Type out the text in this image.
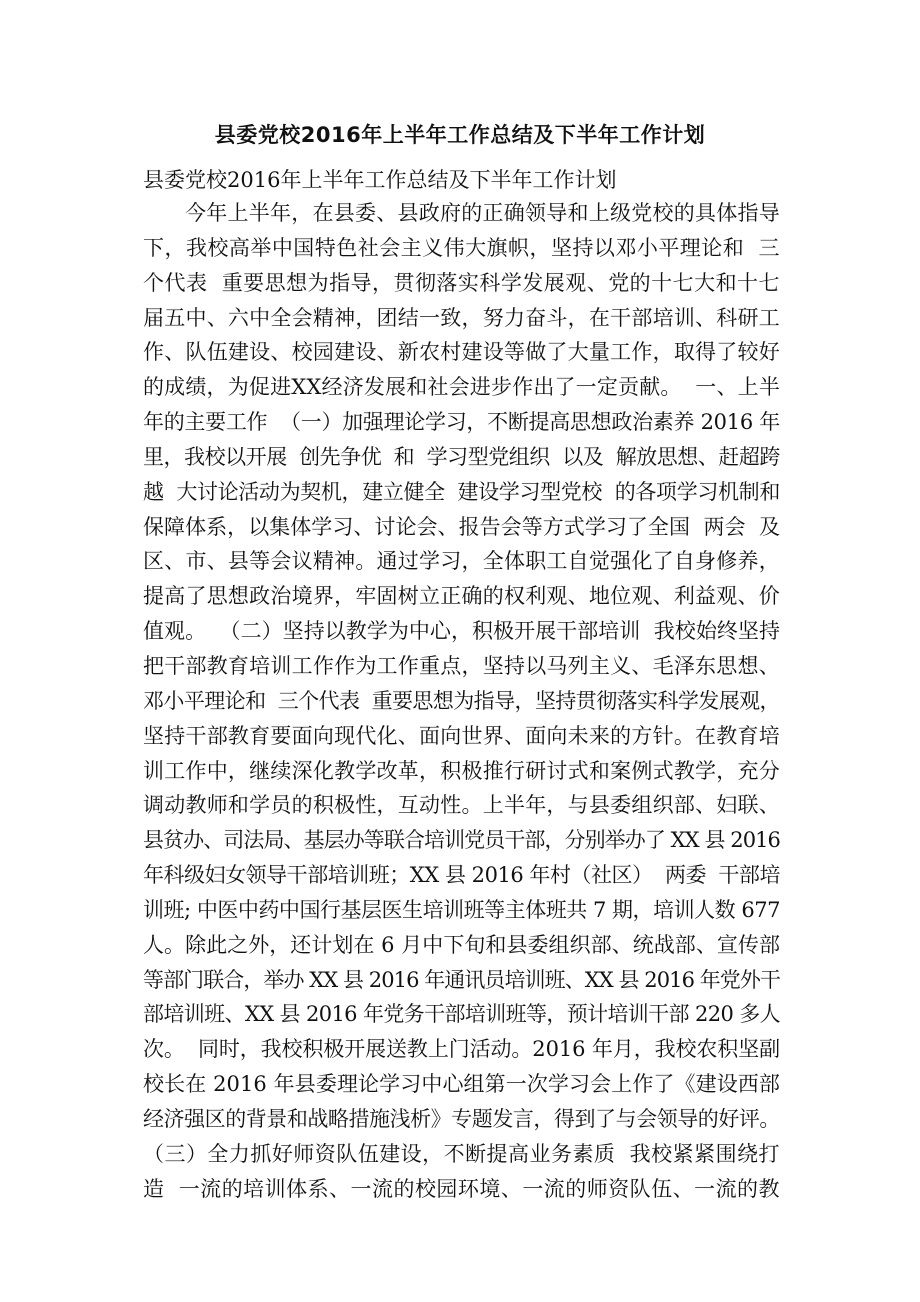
县委党校2016年上半年工作总结及下半年工作计划

县委党校2016年上半年工作总结及下半年工作计划

今年上半年，在县委、县政府的正确领导和上级党校的具体指导
下，我校高举中国特色社会主义伟大旗帜，坚持以邓小平理论和  三
个代表  重要思想为指导，贯彻落实科学发展观、党的十七大和十七
届五中、六中全会精神，团结一致，努力奋斗，在干部培训、科研工
作、队伍建设、校园建设、新农村建设等做了大量工作，取得了较好
的成绩，为促进XX经济发展和社会进步作出了一定贡献。  一、上半
年的主要工作  （一）加强理论学习，不断提高思想政治素养 2016 年
里，我校以开展  创先争优  和  学习型党组织  以及  解放思想、赶超跨
越  大讨论活动为契机，建立健全  建设学习型党校  的各项学习机制和
保障体系，以集体学习、讨论会、报告会等方式学习了全国  两会  及
区、市、县等会议精神。通过学习，全体职工自觉强化了自身修养，
提高了思想政治境界，牢固树立正确的权利观、地位观、利益观、价
值观。  （二）坚持以教学为中心，积极开展干部培训  我校始终坚持
把干部教育培训工作作为工作重点，坚持以马列主义、毛泽东思想、
邓小平理论和  三个代表  重要思想为指导，坚持贯彻落实科学发展观，
坚持干部教育要面向现代化、面向世界、面向未来的方针。在教育培
训工作中，继续深化教学改革，积极推行研讨式和案例式教学，充分
调动教师和学员的积极性，互动性。上半年，与县委组织部、妇联、
县贫办、司法局、基层办等联合培训党员干部，分别举办了 XX 县 2016
年科级妇女领导干部培训班；XX 县 2016 年村（社区）  两委  干部培
训班; 中医中药中国行基层医生培训班等主体班共 7 期，培训人数 677
人。除此之外，还计划在 6 月中下旬和县委组织部、统战部、宣传部
等部门联合，举办 XX 县 2016 年通讯员培训班、XX 县 2016 年党外干
部培训班、XX 县 2016 年党务干部培训班等，预计培训干部 220 多人
次。  同时，我校积极开展送教上门活动。2016 年月，我校农积坚副
校长在 2016 年县委理论学习中心组第一次学习会上作了《建设西部
经济强区的背景和战略措施浅析》专题发言，得到了与会领导的好评。
（三）全力抓好师资队伍建设，不断提高业务素质  我校紧紧围绕打
造  一流的培训体系、一流的校园环境、一流的师资队伍、一流的教
